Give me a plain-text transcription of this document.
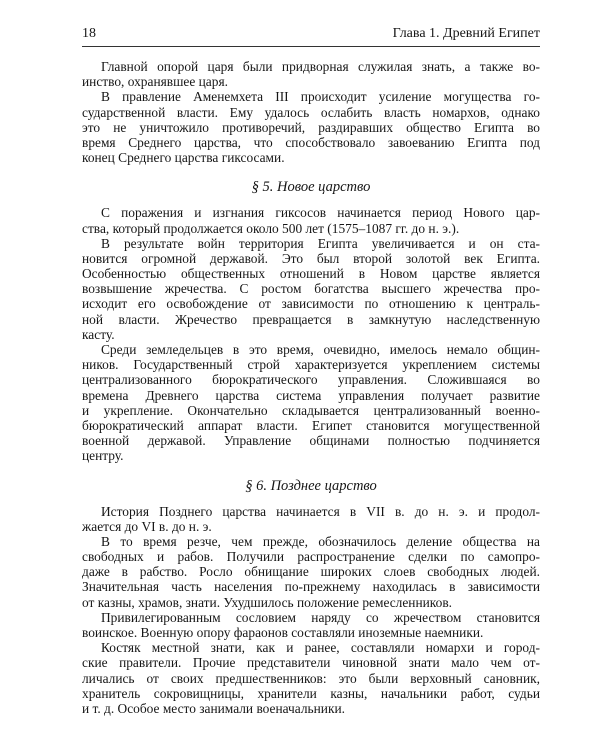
18	Глава 1. Древний Египет
Главной опорой царя были придворная служилая знать, а также во-
инство, охранявшее царя.
В правление Аменемхета III происходит усиление могущества го-
сударственной власти. Ему удалось ослабить власть номархов, однако
это не уничтожило противоречий, раздиравших общество Египта во
время Среднего царства, что способствовало завоеванию Египта под
конец Среднего царства гиксосами.
§ 5. Новое царство
С поражения и изгнания гиксосов начинается период Нового цар-
ства, который продолжается около 500 лет (1575–1087 гг. до н. э.).
В результате войн территория Египта увеличивается и он ста-
новится огромной державой. Это был второй золотой век Египта.
Особенностью общественных отношений в Новом царстве является
возвышение жречества. С ростом богатства высшего жречества про-
исходит его освобождение от зависимости по отношению к централь-
ной власти. Жречество превращается в замкнутую наследственную
касту.
Среди земледельцев в это время, очевидно, имелось немало общин-
ников. Государственный строй характеризуется укреплением системы
централизованного бюрократического управления. Сложившаяся во
времена Древнего царства система управления получает развитие
и укрепление. Окончательно складывается централизованный военно-
бюрократический аппарат власти. Египет становится могущественной
военной державой. Управление общинами полностью подчиняется
центру.
§ 6. Позднее царство
История Позднего царства начинается в VII в. до н. э. и продол-
жается до VI в. до н. э.
В то время резче, чем прежде, обозначилось деление общества на
свободных и рабов. Получили распространение сделки по самопро-
даже в рабство. Росло обнищание широких слоев свободных людей.
Значительная часть населения по-прежнему находилась в зависимости
от казны, храмов, знати. Ухудшилось положение ремесленников.
Привилегированным сословием наряду со жречеством становится
воинское. Военную опору фараонов составляли иноземные наемники.
Костяк местной знати, как и ранее, составляли номархи и город-
ские правители. Прочие представители чиновной знати мало чем от-
личались от своих предшественников: это были верховный сановник,
хранитель сокровищницы, хранители казны, начальники работ, судьи
и т. д. Особое место занимали военачальники.
